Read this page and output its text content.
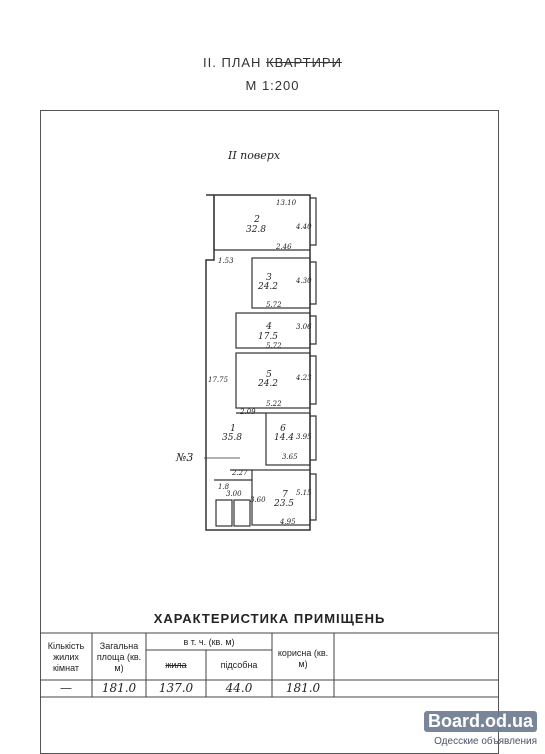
II. ПЛАН КВАРТИРИ
М 1:200
II поверх
№3
2
32.8
3
24.2
4
17.5
5
24.2
6
14.4
1
35.8
7
23.5
13.10
4.40
2.46
1.53
4.30
5.72
3.06
5.72
4.23
5.22
17.75
2.09
3.95
3.65
2.27
5.15
3.60
3.00
4.95
1.8
ХАРАКТЕРИСТИКА ПРИМІЩЕНЬ
Кількість жилих кімнат
Загальна площа (кв. м)
в т. ч. (кв. м)
жила	підсобна
корисна (кв. м)
—	181.0	137.0	44.0	181.0
Board.od.ua
Одесские объявления
